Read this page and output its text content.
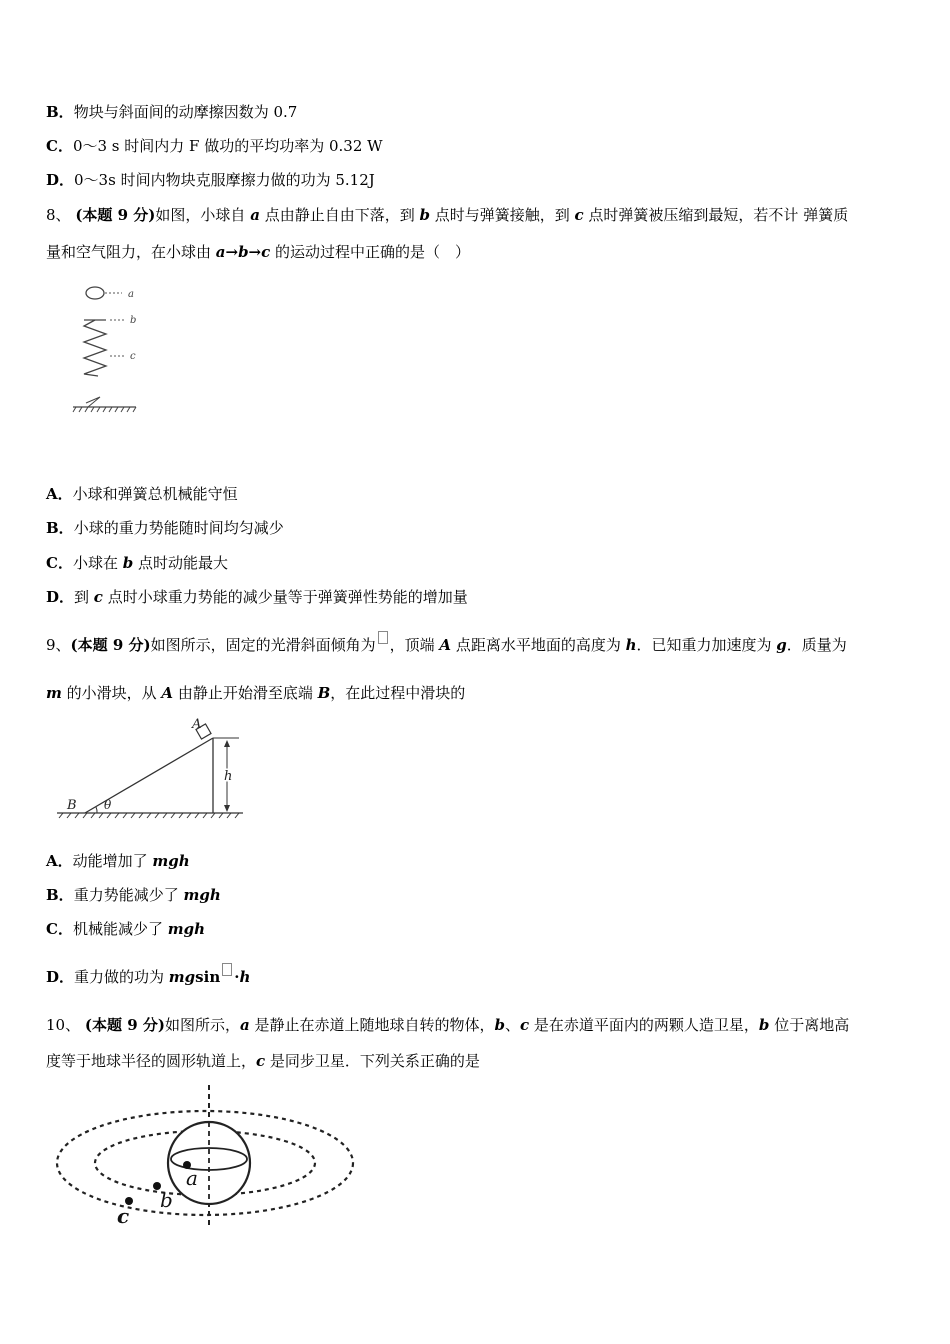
B．物块与斜面间的动摩擦因数为 0.7
C．0～3 s 时间内力 F 做功的平均功率为 0.32 W
D．0～3s 时间内物块克服摩擦力做的功为 5.12J
8、 (本题 9 分)如图，小球自 a 点由静止自由下落，到 b 点时与弹簧接触，到 c 点时弹簧被压缩到最短，若不计 弹簧质
量和空气阻力，在小球由 a→b→c 的运动过程中正确的是（　）
a
b
c
A．小球和弹簧总机械能守恒
B．小球的重力势能随时间均匀减少
C．小球在 b 点时动能最大
D．到 c 点时小球重力势能的减少量等于弹簧弹性势能的增加量
9、(本题 9 分)如图所示，固定的光滑斜面倾角为 ，顶端 A 点距离水平地面的高度为 h．已知重力加速度为 g．质量为
m 的小滑块，从 A 由静止开始滑至底端 B，在此过程中滑块的
A
h
B θ
A．动能增加了 mgh
B．重力势能减少了 mgh
C．机械能减少了 mgh
D．重力做的功为 mgsin ·h
10、 (本题 9 分)如图所示，a 是静止在赤道上随地球自转的物体，b、c 是在赤道平面内的两颗人造卫星，b 位于离地高
度等于地球半径的圆形轨道上，c 是同步卫星．下列关系正确的是
a
b
c
